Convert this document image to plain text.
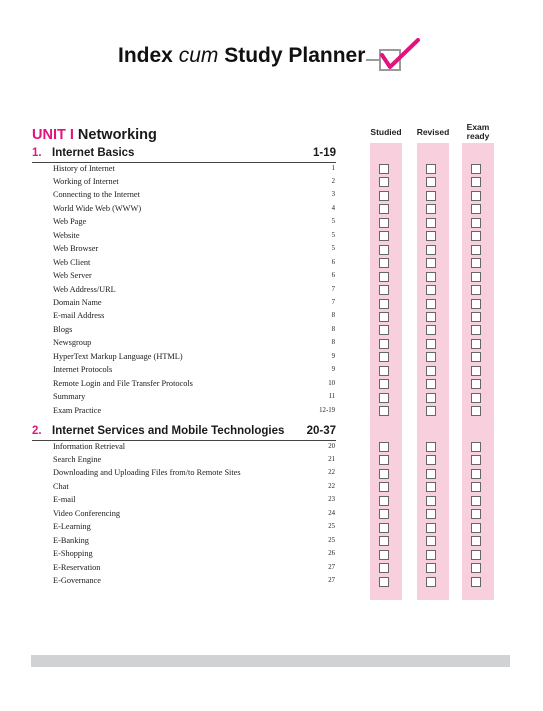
Index cum Study Planner
Studied	Revised	Exam
ready
UNIT I Networking
1. Internet Basics	1-19
History of Internet	1
Working of Internet	2
Connecting to the Internet	3
World Wide Web (WWW)	4
Web Page	5
Website	5
Web Browser	5
Web Client	6
Web Server	6
Web Address/URL	7
Domain Name	7
E-mail Address	8
Blogs	8
Newsgroup	8
HyperText Markup Language (HTML)	9
Internet Protocols	9
Remote Login and File Transfer Protocols	10
Summary	11
Exam Practice	12-19
2. Internet Services and Mobile Technologies 20-37
Information Retrieval	20
Search Engine	21
Downloading and Uploading Files from/to Remote Sites	22
Chat	22
E-mail	23
Video Conferencing	24
E-Learning	25
E-Banking	25
E-Shopping	26
E-Reservation	27
E-Governance	27
